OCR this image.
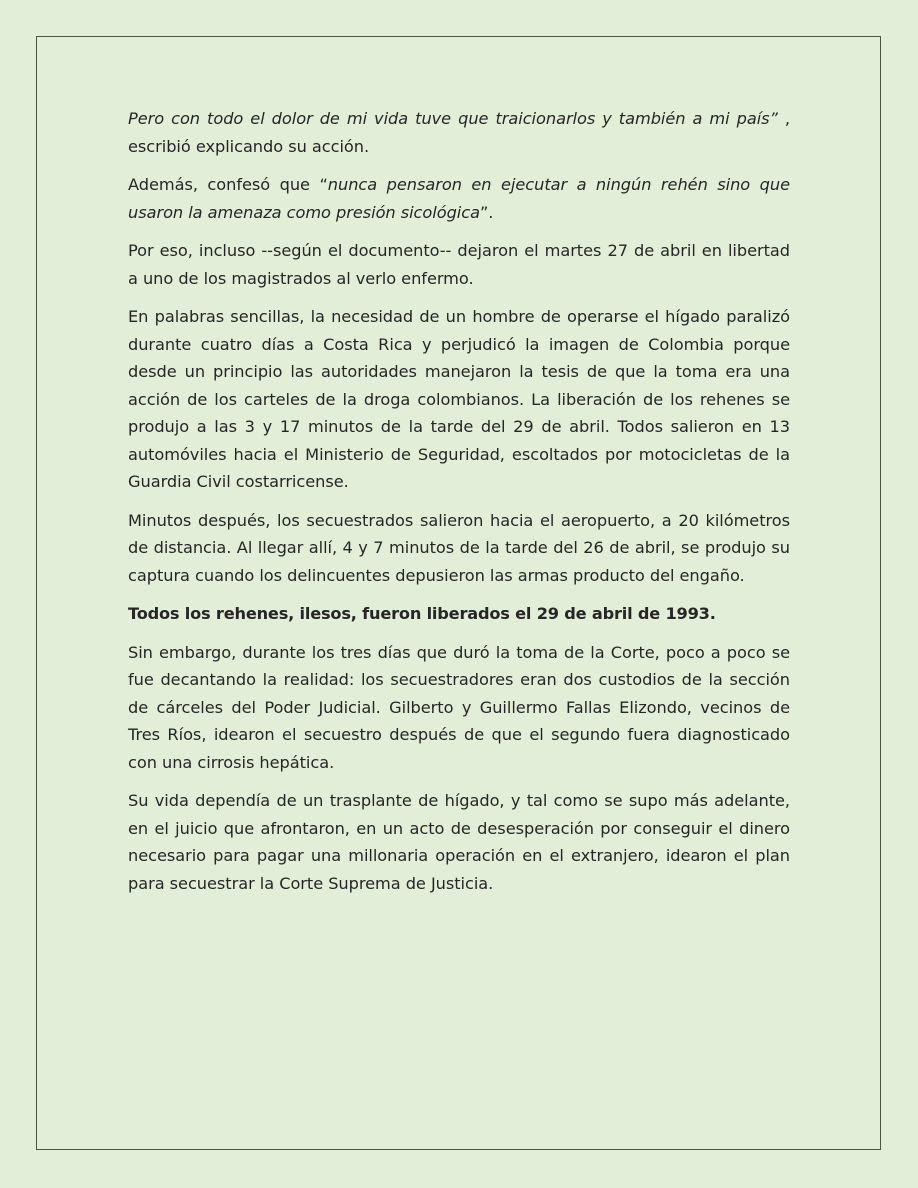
Pero con todo el dolor de mi vida tuve que traicionarlos y también a mi país” , escribió explicando su acción.

Además, confesó que “nunca pensaron en ejecutar a ningún rehén sino que usaron la amenaza como presión sicológica”.

Por eso, incluso --según el documento-- dejaron el martes 27 de abril en libertad a uno de los magistrados al verlo enfermo.

En palabras sencillas, la necesidad de un hombre de operarse el hígado paralizó durante cuatro días a Costa Rica y perjudicó la imagen de Colombia porque desde un principio las autoridades manejaron la tesis de que la toma era una acción de los carteles de la droga colombianos. La liberación de los rehenes se produjo a las 3 y 17 minutos de la tarde del 29 de abril. Todos salieron en 13 automóviles hacia el Ministerio de Seguridad, escoltados por motocicletas de la Guardia Civil costarricense.

Minutos después, los secuestrados salieron hacia el aeropuerto, a 20 kilómetros de distancia. Al llegar allí, 4 y 7 minutos de la tarde del 26 de abril, se produjo su captura cuando los delincuentes depusieron las armas producto del engaño.

Todos los rehenes, ilesos, fueron liberados el 29 de abril de 1993.

Sin embargo, durante los tres días que duró la toma de la Corte, poco a poco se fue decantando la realidad: los secuestradores eran dos custodios de la sección de cárceles del Poder Judicial. Gilberto y Guillermo Fallas Elizondo, vecinos de Tres Ríos, idearon el secuestro después de que el segundo fuera diagnosticado con una cirrosis hepática.

Su vida dependía de un trasplante de hígado, y tal como se supo más adelante, en el juicio que afrontaron, en un acto de desesperación por conseguir el dinero necesario para pagar una millonaria operación en el extranjero, idearon el plan para secuestrar la Corte Suprema de Justicia.
